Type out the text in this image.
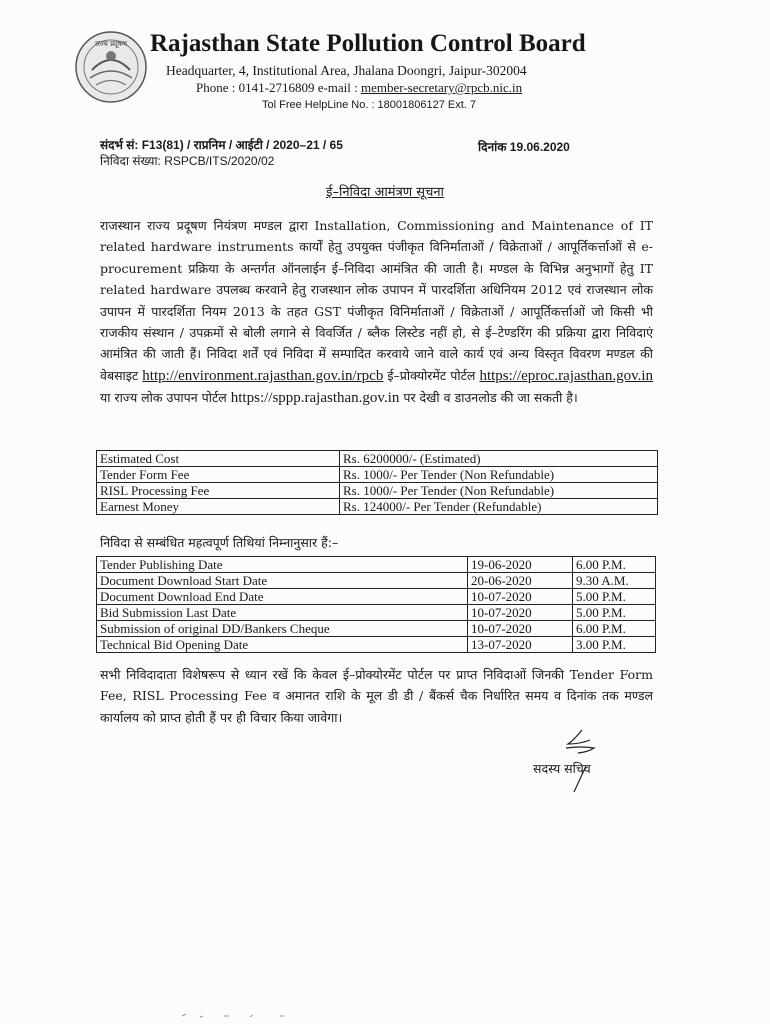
राज्य प्रदूषण Rajasthan State Pollution Control Board
Headquarter, 4, Institutional Area, Jhalana Doongri, Jaipur-302004
Phone : 0141-2716809 e-mail : member-secretary@rpcb.nic.in
Tol Free HelpLine No. : 18001806127 Ext. 7
संदर्भ सं: F13(81) / राप्रनिम / आईटी / 2020–21 / 65	दिनांक 19.06.2020
निविदा संख्या: RSPCB/ITS/2020/02
ई–निविदा आमंत्रण सूचना
राजस्थान राज्य प्रदूषण नियंत्रण मण्डल द्वारा Installation, Commissioning and Maintenance of IT related hardware instruments कार्यों हेतु उपयुक्त पंजीकृत विनिर्माताओं / विक्रेताओं / आपूर्तिकर्त्ताओं से e-procurement प्रक्रिया के अन्तर्गत ऑनलाईन ई–निविदा आमंत्रित की जाती है। मण्डल के विभिन्न अनुभागों हेतु IT related hardware उपलब्ध करवाने हेतु राजस्थान लोक उपापन में पारदर्शिता अधिनियम 2012 एवं राजस्थान लोक उपापन में पारदर्शिता नियम 2013 के तहत GST पंजीकृत विनिर्माताओं / विक्रेताओं / आपूर्तिकर्त्ताओं जो किसी भी राजकीय संस्थान / उपक्रमों से बोली लगाने से विवर्जित / ब्लैक लिस्टेड नहीं हो, से ई–टेण्डरिंग की प्रक्रिया द्वारा निविदाएं आमंत्रित की जाती हैं। निविदा शर्तें एवं निविदा में सम्पादित करवाये जाने वाले कार्य एवं अन्य विस्तृत विवरण मण्डल की वेबसाइट http://environment.rajasthan.gov.in/rpcb ई–प्रोक्योरमेंट पोर्टल https://eproc.rajasthan.gov.in या राज्य लोक उपापन पोर्टल https://sppp.rajasthan.gov.in पर देखी व डाउनलोड की जा सकती है।
Estimated Cost	Rs. 6200000/- (Estimated)
Tender Form Fee	Rs. 1000/- Per Tender (Non Refundable)
RISL Processing Fee	Rs. 1000/- Per Tender (Non Refundable)
Earnest Money	Rs. 124000/- Per Tender (Refundable)
निविदा से सम्बंधित महत्वपूर्ण तिथियां निम्नानुसार हैं:–
Tender Publishing Date	19-06-2020	6.00 P.M.
Document Download Start Date	20-06-2020	9.30 A.M.
Document Download End Date	10-07-2020	5.00 P.M.
Bid Submission Last Date	10-07-2020	5.00 P.M.
Submission of original DD/Bankers Cheque	10-07-2020	6.00 P.M.
Technical Bid Opening Date	13-07-2020	3.00 P.M.
सभी निविदादाता विशेषरूप से ध्यान रखें कि केवल ई–प्रोक्योरमेंट पोर्टल पर प्राप्त निविदाओं जिनकी Tender Form Fee, RISL Processing Fee व अमानत राशि के मूल डी डी / बैंकर्स चैक निर्धारित समय व दिनांक तक मण्डल कार्यालय को प्राप्त होती हैं पर ही विचार किया जावेगा।
सदस्य सचिव
